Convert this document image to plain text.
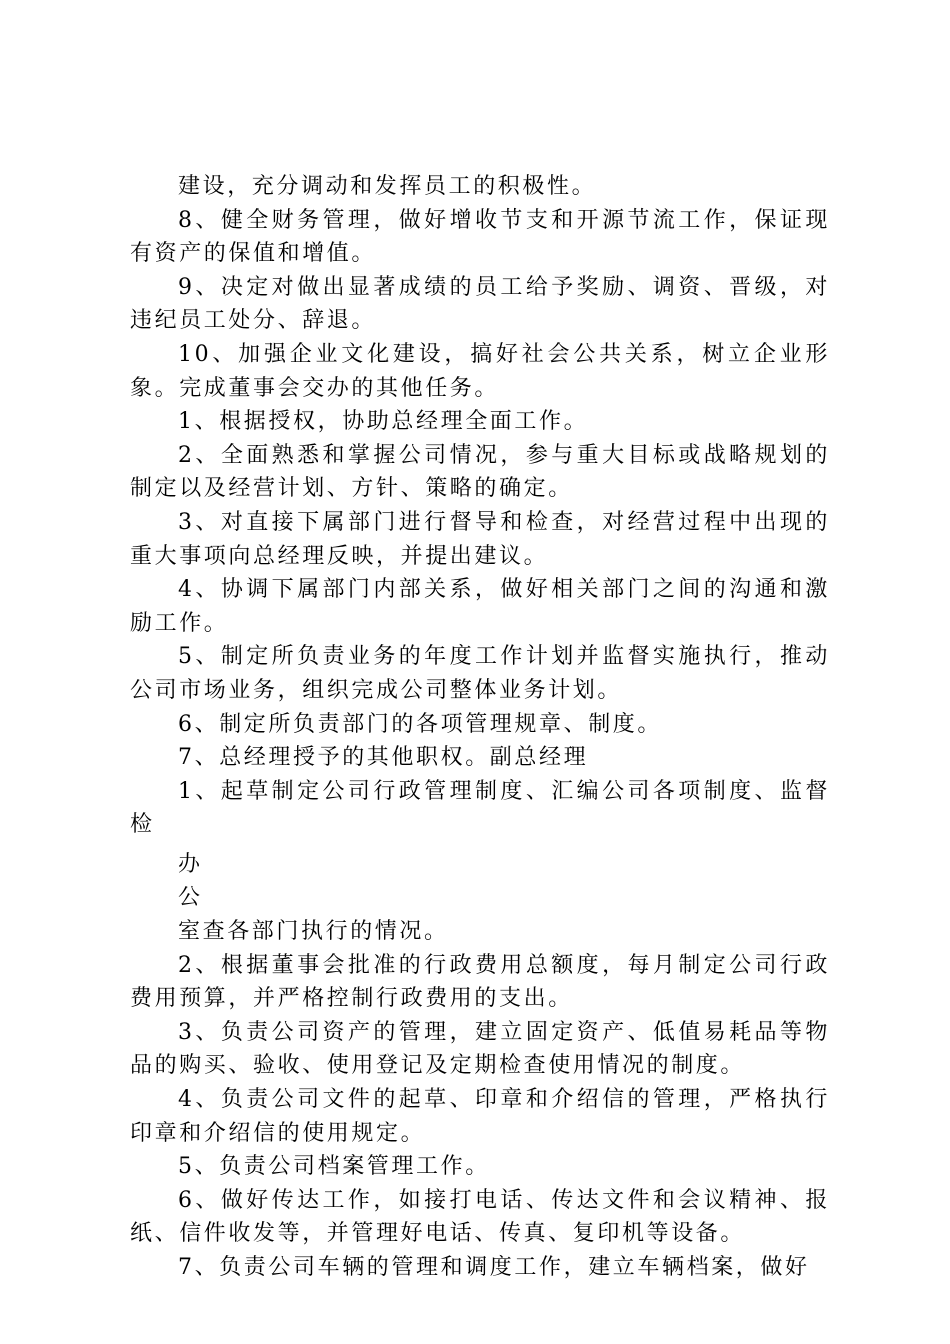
建设，充分调动和发挥员工的积极性。

8、健全财务管理，做好增收节支和开源节流工作，保证现有资产的保值和增值。

9、决定对做出显著成绩的员工给予奖励、调资、晋级，对违纪员工处分、辞退。

10、加强企业文化建设，搞好社会公共关系，树立企业形象。完成董事会交办的其他任务。

1、根据授权，协助总经理全面工作。

2、全面熟悉和掌握公司情况，参与重大目标或战略规划的制定以及经营计划、方针、策略的确定。

3、对直接下属部门进行督导和检查，对经营过程中出现的重大事项向总经理反映，并提出建议。

4、协调下属部门内部关系，做好相关部门之间的沟通和激励工作。

5、制定所负责业务的年度工作计划并监督实施执行，推动公司市场业务，组织完成公司整体业务计划。

6、制定所负责部门的各项管理规章、制度。

7、总经理授予的其他职权。副总经理

1、起草制定公司行政管理制度、汇编公司各项制度、监督检

办

公

室查各部门执行的情况。

2、根据董事会批准的行政费用总额度，每月制定公司行政费用预算，并严格控制行政费用的支出。

3、负责公司资产的管理，建立固定资产、低值易耗品等物品的购买、验收、使用登记及定期检查使用情况的制度。

4、负责公司文件的起草、印章和介绍信的管理，严格执行印章和介绍信的使用规定。

5、负责公司档案管理工作。

6、做好传达工作，如接打电话、传达文件和会议精神、报纸、信件收发等，并管理好电话、传真、复印机等设备。

7、负责公司车辆的管理和调度工作，建立车辆档案，做好
